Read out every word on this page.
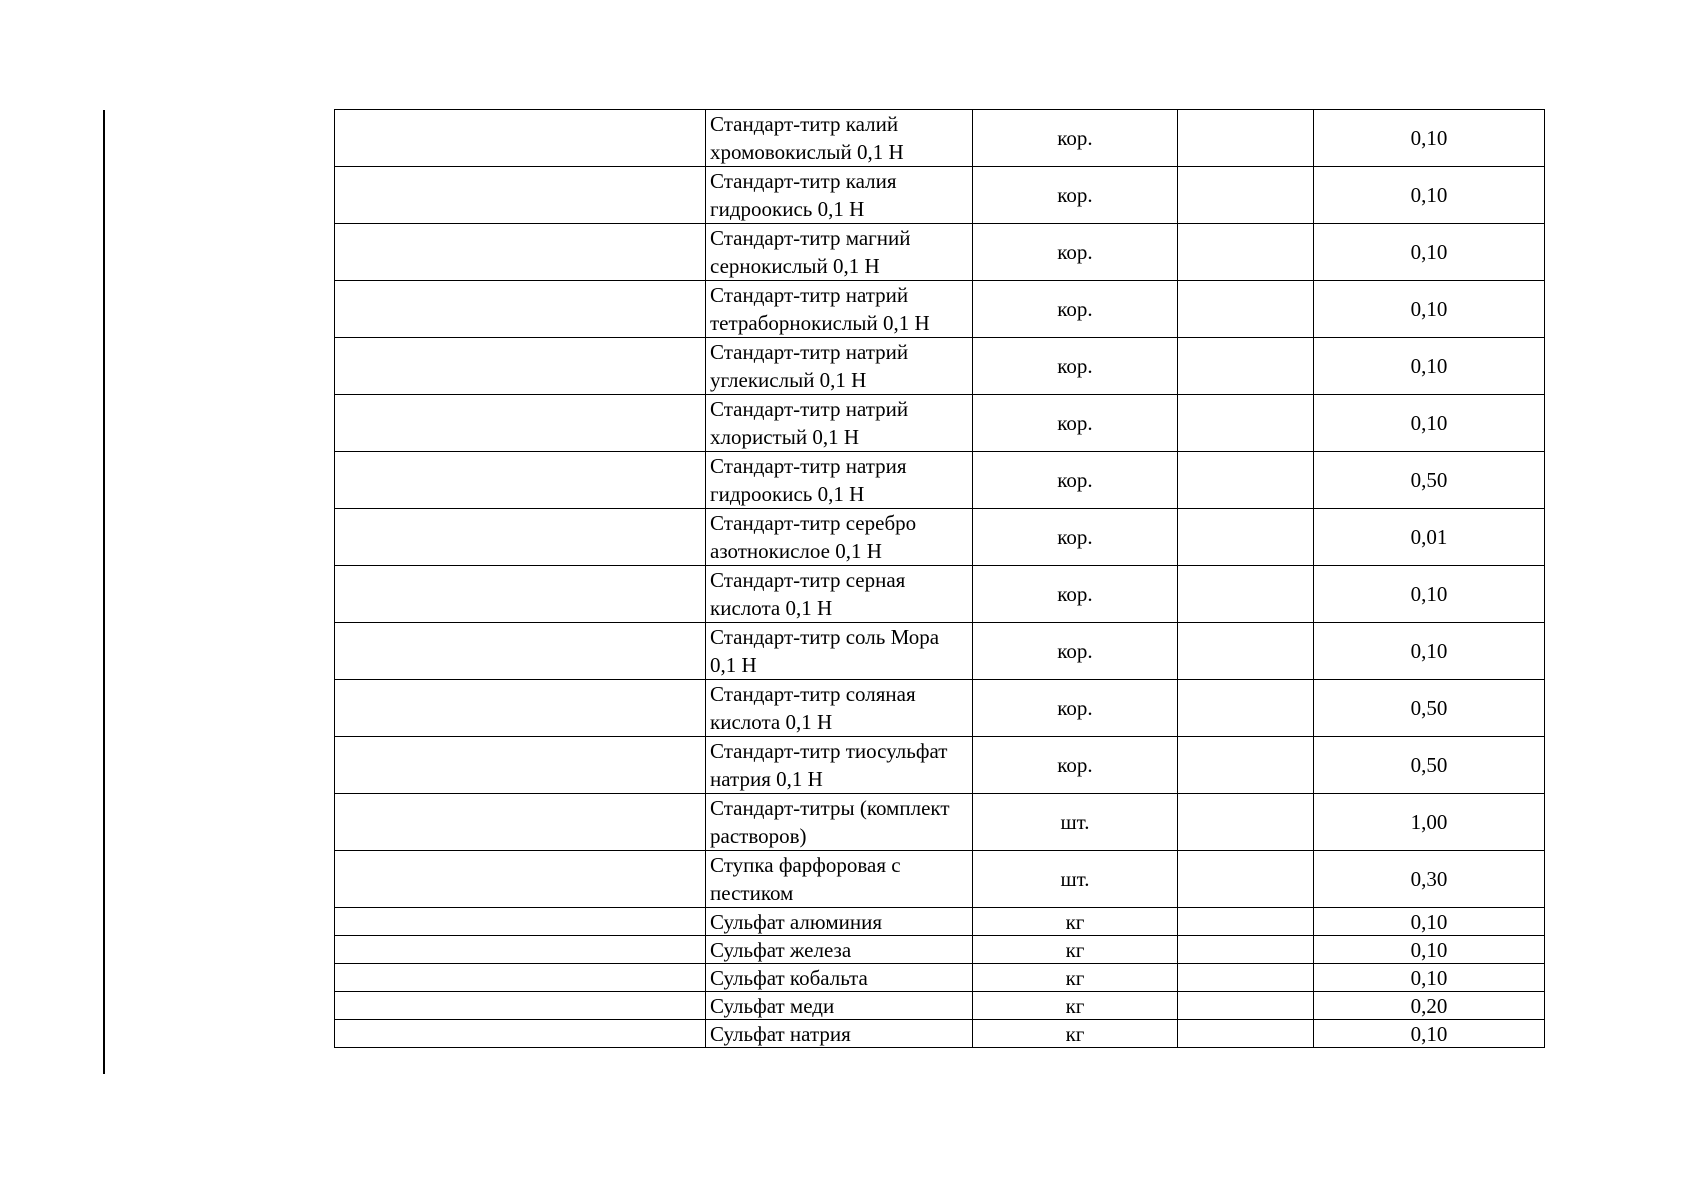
	Стандарт-титр калий хромовокислый 0,1 Н	кор.		0,10
	Стандарт-титр калия гидроокись 0,1 Н	кор.		0,10
	Стандарт-титр магний сернокислый 0,1 Н	кор.		0,10
	Стандарт-титр натрий тетраборнокислый 0,1 Н	кор.		0,10
	Стандарт-титр натрий углекислый 0,1 Н	кор.		0,10
	Стандарт-титр натрий хлористый 0,1 Н	кор.		0,10
	Стандарт-титр натрия гидроокись 0,1 Н	кор.		0,50
	Стандарт-титр серебро азотнокислое 0,1 Н	кор.		0,01
	Стандарт-титр серная кислота 0,1 Н	кор.		0,10
	Стандарт-титр соль Мора 0,1 Н	кор.		0,10
	Стандарт-титр соляная кислота 0,1 Н	кор.		0,50
	Стандарт-титр тиосульфат натрия 0,1 Н	кор.		0,50
	Стандарт-титры (комплект растворов)	шт.		1,00
	Ступка фарфоровая с пестиком	шт.		0,30
	Сульфат алюминия	кг		0,10
	Сульфат железа	кг		0,10
	Сульфат кобальта	кг		0,10
	Сульфат меди	кг		0,20
	Сульфат натрия	кг		0,10
